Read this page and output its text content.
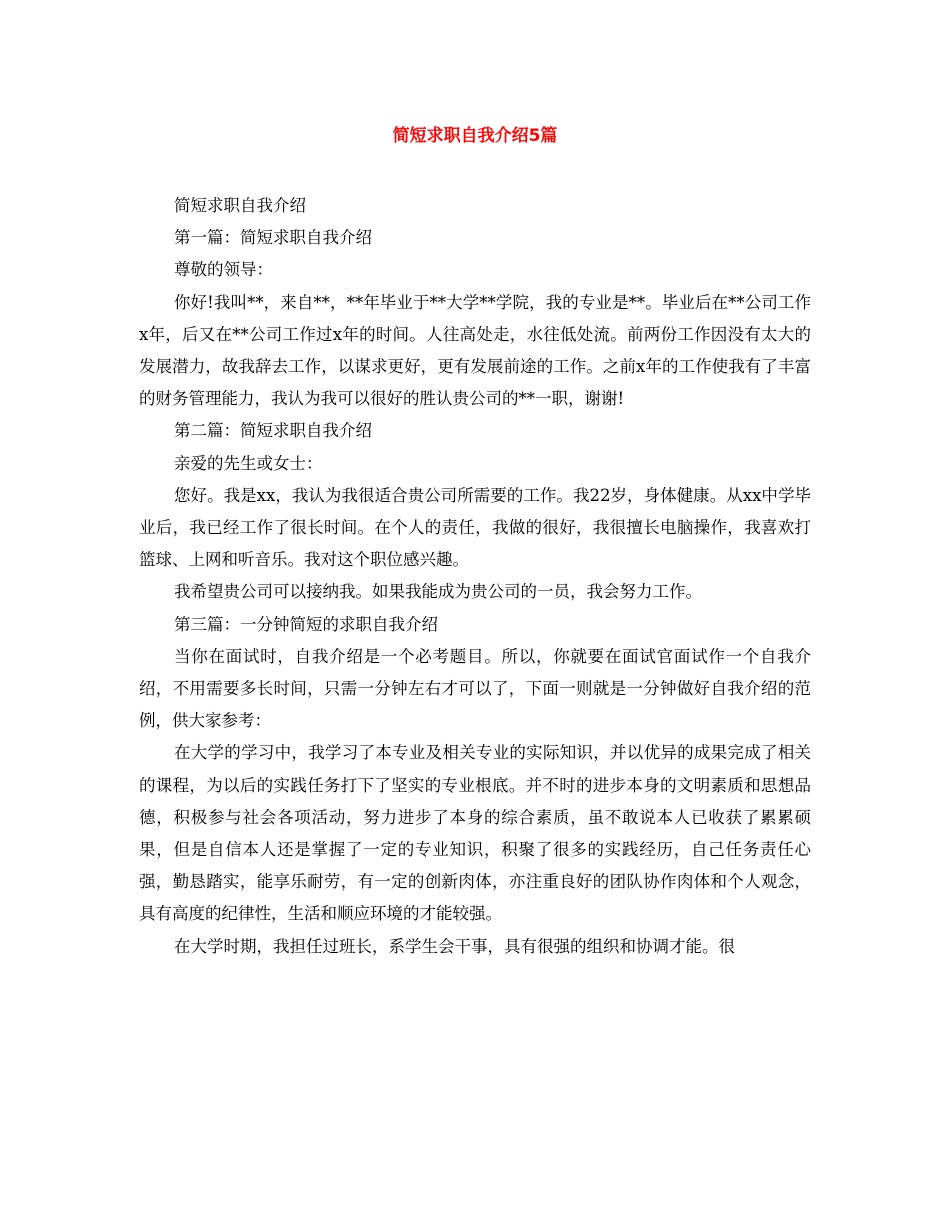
简短求职自我介绍5篇

简短求职自我介绍

第一篇：简短求职自我介绍

尊敬的领导：

你好!我叫**，来自**，**年毕业于**大学**学院，我的专业是**。毕业后在**公司工作x年，后又在**公司工作过x年的时间。人往高处走，水往低处流。前两份工作因没有太大的发展潜力，故我辞去工作，以谋求更好，更有发展前途的工作。之前x年的工作使我有了丰富的财务管理能力，我认为我可以很好的胜认贵公司的**一职，谢谢!

第二篇：简短求职自我介绍

亲爱的先生或女士：

您好。我是xx，我认为我很适合贵公司所需要的工作。我22岁，身体健康。从xx中学毕业后，我已经工作了很长时间。在个人的责任，我做的很好，我很擅长电脑操作，我喜欢打篮球、上网和听音乐。我对这个职位感兴趣。

我希望贵公司可以接纳我。如果我能成为贵公司的一员，我会努力工作。

第三篇：一分钟简短的求职自我介绍

当你在面试时，自我介绍是一个必考题目。所以，你就要在面试官面试作一个自我介绍，不用需要多长时间，只需一分钟左右才可以了，下面一则就是一分钟做好自我介绍的范例，供大家参考：

在大学的学习中，我学习了本专业及相关专业的实际知识，并以优异的成果完成了相关的课程，为以后的实践任务打下了坚实的专业根底。并不时的进步本身的文明素质和思想品德，积极参与社会各项活动，努力进步了本身的综合素质，虽不敢说本人已收获了累累硕果，但是自信本人还是掌握了一定的专业知识，积聚了很多的实践经历，自己任务责任心强，勤恳踏实，能享乐耐劳，有一定的创新肉体，亦注重良好的团队协作肉体和个人观念，具有高度的纪律性，生活和顺应环境的才能较强。

在大学时期，我担任过班长，系学生会干事，具有很强的组织和协调才能。很
